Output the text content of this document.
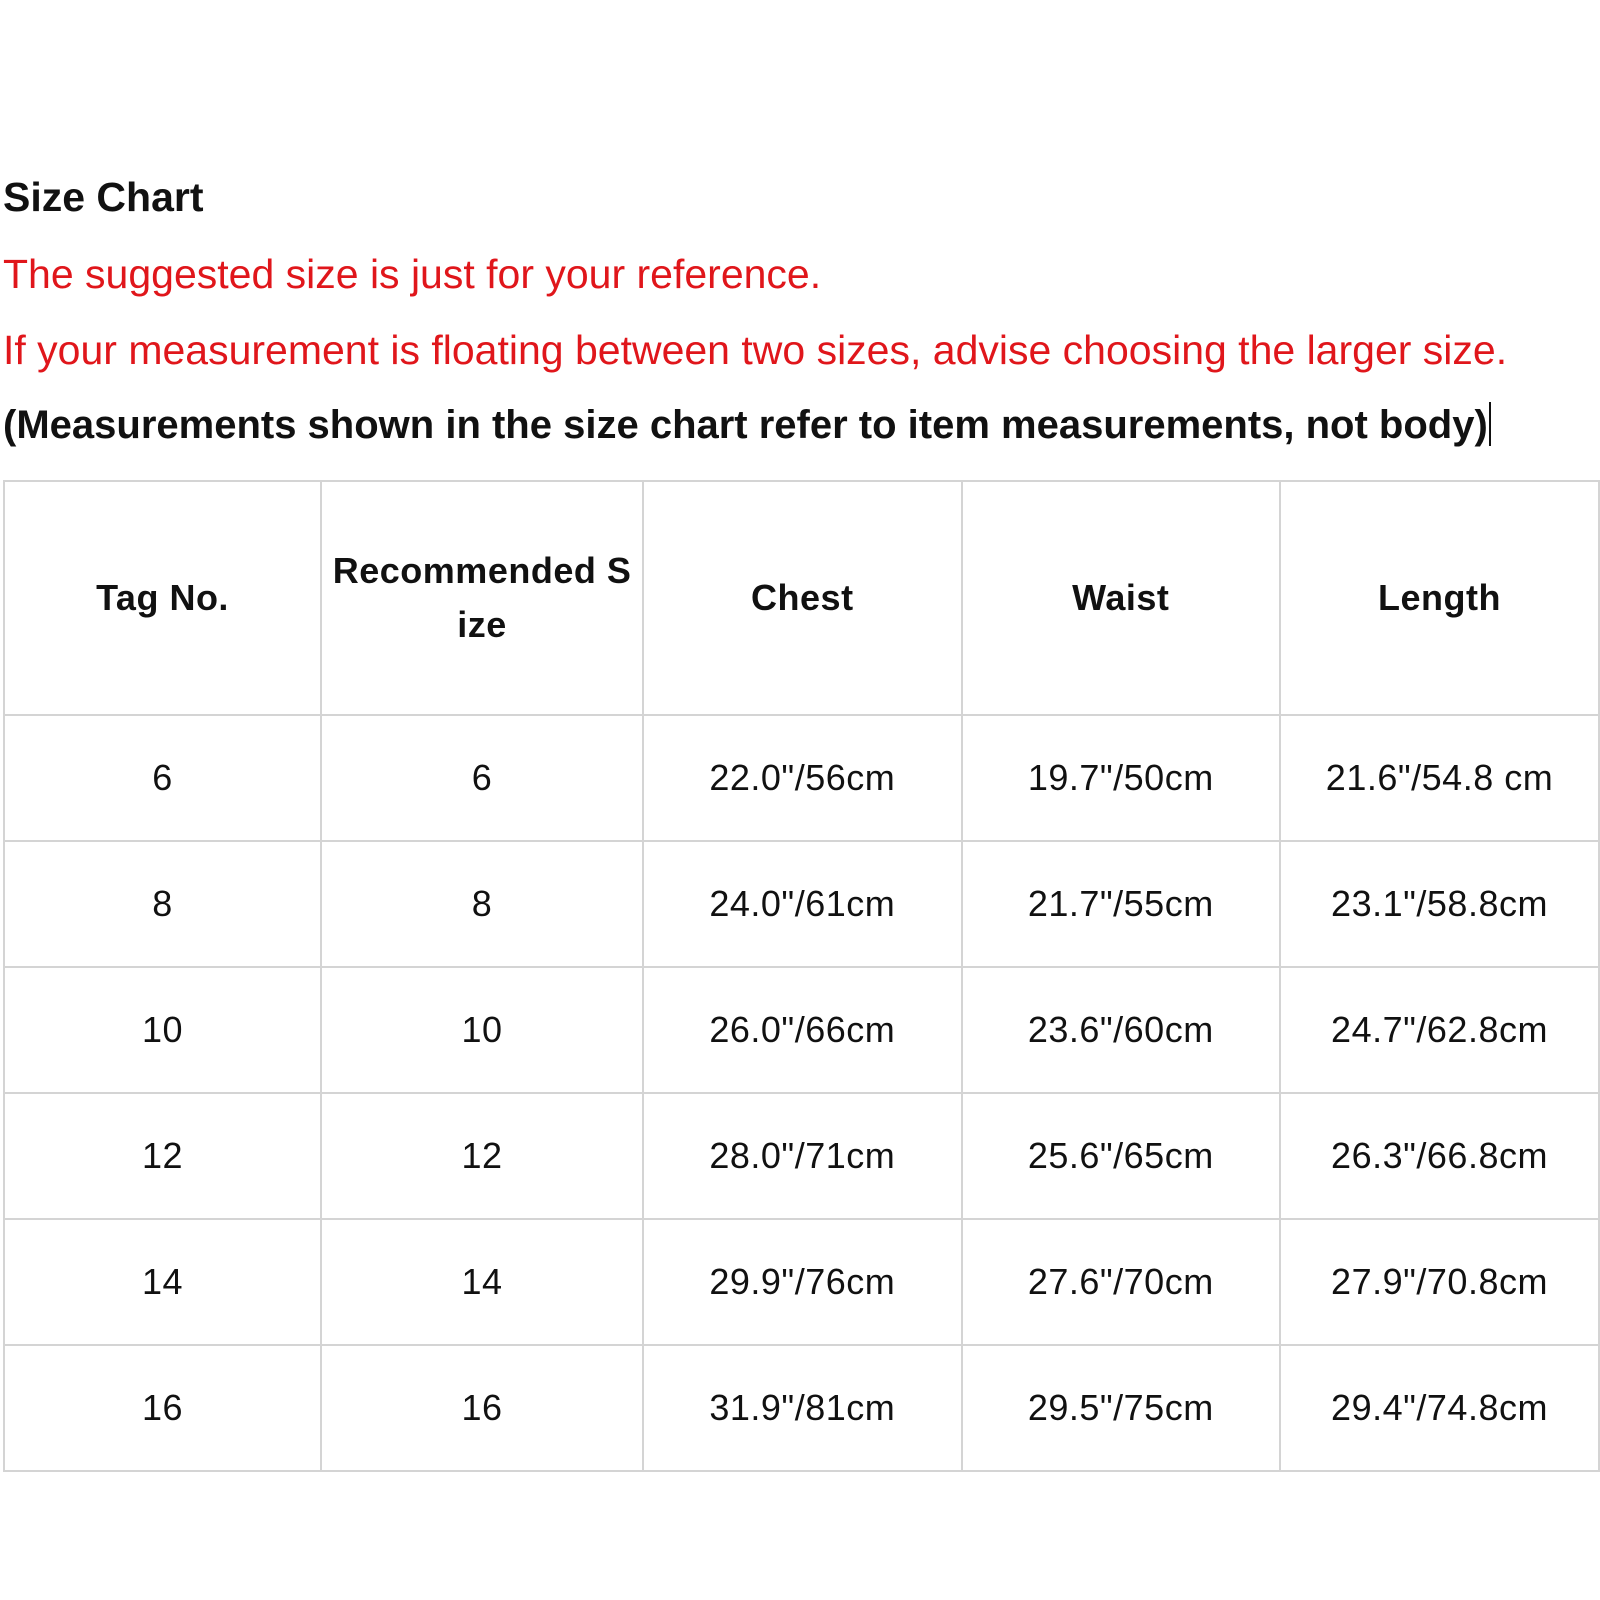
Size Chart
The suggested size is just for your reference.
If your measurement is floating between two sizes, advise choosing the larger size.
(Measurements shown in the size chart refer to item measurements, not body)
Tag No.	Recommended Size	Chest	Waist	Length
6	6	22.0"/56cm	19.7"/50cm	21.6"/54.8 cm
8	8	24.0"/61cm	21.7"/55cm	23.1"/58.8cm
10	10	26.0"/66cm	23.6"/60cm	24.7"/62.8cm
12	12	28.0"/71cm	25.6"/65cm	26.3"/66.8cm
14	14	29.9"/76cm	27.6"/70cm	27.9"/70.8cm
16	16	31.9"/81cm	29.5"/75cm	29.4"/74.8cm
